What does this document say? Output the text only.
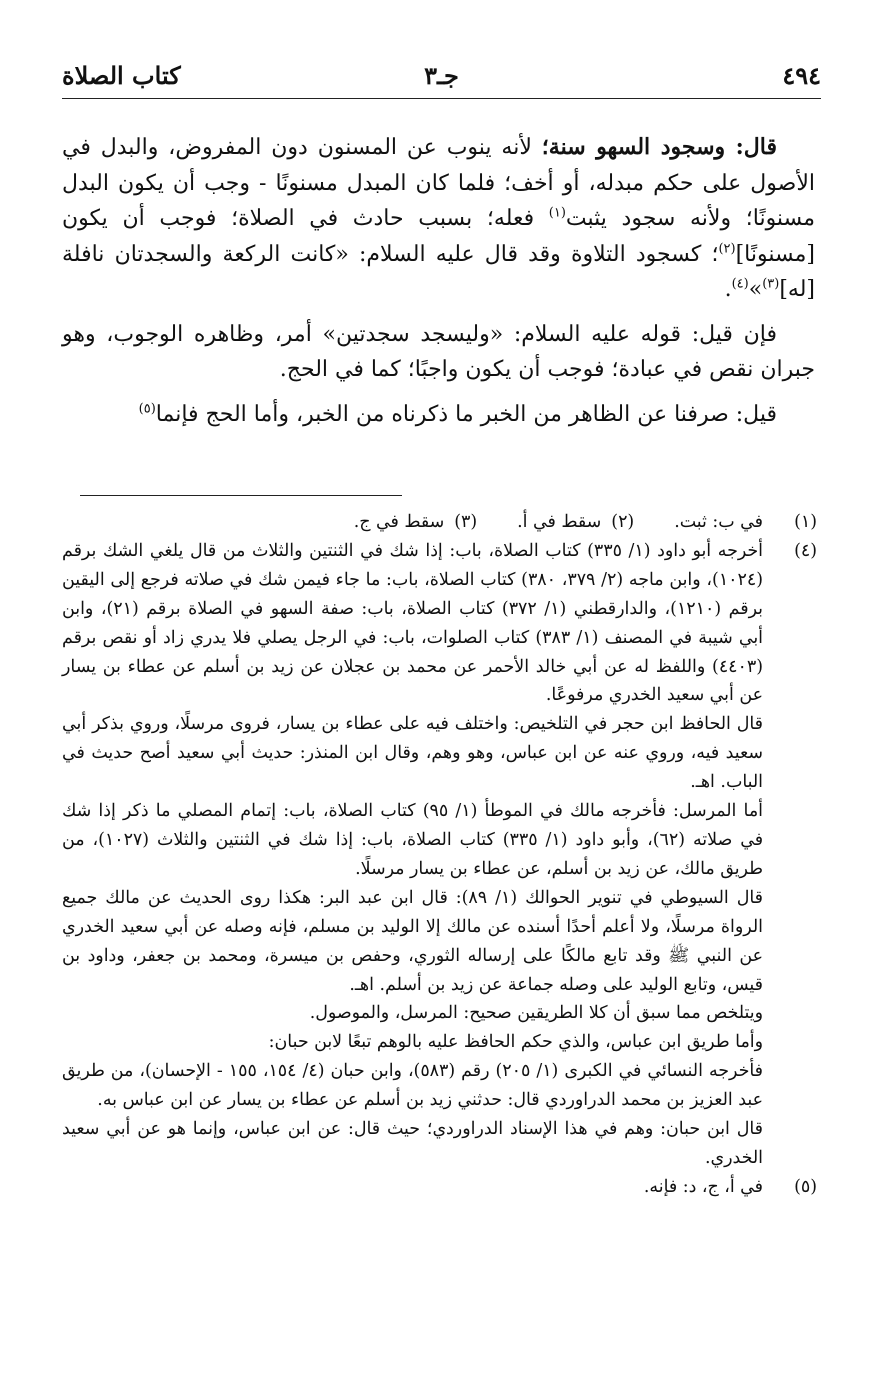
٤٩٤
جـ٣
كتاب الصلاة

قال: وسجود السهو سنة؛ لأنه ينوب عن المسنون دون المفروض، والبدل في الأصول على حكم مبدله، أو أخف؛ فلما كان المبدل مسنونًا - وجب أن يكون البدل مسنونًا؛ ولأنه سجود يثبت$^{(١)}$ فعله؛ بسبب حادث في الصلاة؛ فوجب أن يكون [مسنونًا]$^{(٢)}$؛ كسجود التلاوة وقد قال عليه السلام: «كانت الركعة والسجدتان نافلة [له]$^{(٣)}$»$^{(٤)}$.

فإن قيل: قوله عليه السلام: «وليسجد سجدتين» أمر، وظاهره الوجوب، وهو جبران نقص في عبادة؛ فوجب أن يكون واجبًا؛ كما في الحج.

قيل: صرفنا عن الظاهر من الخبر ما ذكرناه من الخبر، وأما الحج فإنما$^{(٥)}$

(١)
في ب: ثبت.(٢)سقط في أ.(٣)سقط في ج.
(٤)

أخرجه أبو داود (١/ ٣٣٥) كتاب الصلاة، باب: إذا شك في الثنتين والثلاث من قال يلغي الشك برقم (١٠٢٤)، وابن ماجه (٢/ ٣٧٩، ٣٨٠) كتاب الصلاة، باب: ما جاء فيمن شك في صلاته فرجع إلى اليقين برقم (١٢١٠)، والدارقطني (١/ ٣٧٢) كتاب الصلاة، باب: صفة السهو في الصلاة برقم (٢١)، وابن أبي شيبة في المصنف (١/ ٣٨٣) كتاب الصلوات، باب: في الرجل يصلي فلا يدري زاد أو نقص برقم (٤٤٠٣) واللفظ له عن أبي خالد الأحمر عن محمد بن عجلان عن زيد بن أسلم عن عطاء بن يسار عن أبي سعيد الخدري مرفوعًا.

قال الحافظ ابن حجر في التلخيص: واختلف فيه على عطاء بن يسار، فروى مرسلًا، وروي بذكر أبي سعيد فيه، وروي عنه عن ابن عباس، وهو وهم، وقال ابن المنذر: حديث أبي سعيد أصح حديث في الباب. اهـ.

أما المرسل: فأخرجه مالك في الموطأ (١/ ٩٥) كتاب الصلاة، باب: إتمام المصلي ما ذكر إذا شك في صلاته (٦٢)، وأبو داود (١/ ٣٣٥) كتاب الصلاة، باب: إذا شك في الثنتين والثلاث (١٠٢٧)، من طريق مالك، عن زيد بن أسلم، عن عطاء بن يسار مرسلًا.

قال السيوطي في تنوير الحوالك (١/ ٨٩): قال ابن عبد البر: هكذا روى الحديث عن مالك جميع الرواة مرسلًا، ولا أعلم أحدًا أسنده عن مالك إلا الوليد بن مسلم، فإنه وصله عن أبي سعيد الخدري عن النبي ﷺ وقد تابع مالكًا على إرساله الثوري، وحفص بن ميسرة، ومحمد بن جعفر، وداود بن قيس، وتابع الوليد على وصله جماعة عن زيد بن أسلم. اهـ.

ويتلخص مما سبق أن كلا الطريقين صحيح: المرسل، والموصول.

وأما طريق ابن عباس، والذي حكم الحافظ عليه بالوهم تبعًا لابن حبان:

فأخرجه النسائي في الكبرى (١/ ٢٠٥) رقم (٥٨٣)، وابن حبان (٤/ ١٥٤، ١٥٥ - الإحسان)، من طريق عبد العزيز بن محمد الدراوردي قال: حدثني زيد بن أسلم عن عطاء بن يسار عن ابن عباس به.

قال ابن حبان: وهم في هذا الإسناد الدراوردي؛ حيث قال: عن ابن عباس، وإنما هو عن أبي سعيد الخدري.

(٥)

في أ، ج، د: فإنه.
